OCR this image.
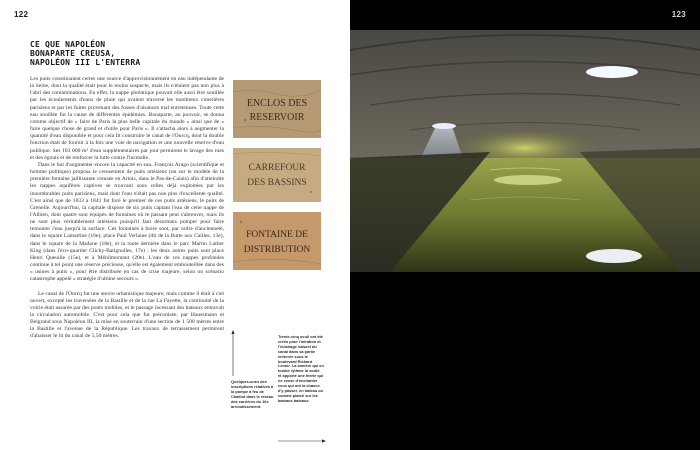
122
CE QUE NAPOLÉON
BONAPARTE CREUSA,
NAPOLÉON III L'ENTERRA

Les puits constituaient certes une source d'approvisionnement en eau indépendante de la Seine, dont la qualité était pour le moins suspecte, mais ils n'étaient pas non plus à l'abri des contaminations. En effet, la nappe phréatique pouvait elle aussi être souillée par les écoulements d'eaux de pluie qui avaient traversé les nombreux cimetières parisiens et par les fuites provenant des fosses d'aisances mal entretenues. Toute cette eau souillée fut la cause de différentes épidémies. Bonaparte, au pouvoir, se donna comme objectif de « faire de Paris la plus belle capitale du monde » ainsi que de « faire quelque chose de grand et d'utile pour Paris ». Il s'attacha alors à augmenter la quantité d'eau disponible et pour cela fit construire le canal de l'Ourcq, dont la double fonction était de fournir à la fois une voie de navigation et une nouvelle réserve d'eau publique. Ses 103 000 m³ d'eau supplémentaires par jour permirent le lavage des rues et des égouts et de renforcer la lutte contre l'incendie.

Dans le but d'augmenter encore la capacité en eau, François Arago (scientifique et homme politique) proposa le creusement de puits artésiens (un sur le modèle de la première fontaine jaillissante creusée en Artois, dans le Pas-de-Calais) afin d'atteindre les nappes aquifères captives se trouvant sous celles déjà exploitées par les innombrables puits parisiens, mais dont l'eau n'était pas non plus d'excellente qualité. C'est ainsi que de 1833 à 1841 fut foré le premier de ces puits artésiens, le puits de Grenelle. Aujourd'hui, la capitale dispose de six puits captant l'eau de cette nappe de l'Albien, dont quatre sont équipés de fontaines où le passant peut s'abreuver, mais ils ne sont plus véritablement artésiens puisqu'il faut désormais pomper pour faire remonter l'eau jusqu'à la surface. Ces fontaines à boire sont, par ordre d'ancienneté, dans le square Lamartine (16e), place Paul Verlaine (dit de la Butte aux Cailles, 13e), dans le square de la Madone (18e), et la toute dernière dans le parc Martin Luther King (dans l'éco-quartier Clichy-Batignolles, 17e) ; les deux autres puits sont place Henri Queuille (15e), et à Ménilmontant (20e). L'eau de ces nappes profondes continue à tel point une réserve précieuse, qu'elle est également embouteillée dans des « usines à puits », pour être distribuée en cas de crise majeure, selon un scénario catastrophe appelé « stratégie d'ultime secours ».

Le canal de l'Ourcq fut une œuvre urbanistique majeure, mais comme il était à ciel ouvert, excepté les traversées de la Bastille et de la rue La Fayette, la continuité de la voirie était assurée par des ponts mobiles, et le passage incessant des bateaux entravait la circulation automobile. C'est pour cela que fut préconisée, par Haussmann et Belgrand sous Napoléon III, la mise en souterrain d'une section de 1 500 mètres entre la Bastille et l'avenue de la République. Les travaux de terrassement permirent d'abaisser le lit du canal de 5,50 mètres.

ENCLOS DES
RESERVOIR
CARREFOUR
DES BASSINS
FONTAINE DE
DISTRIBUTION
Quelques-unes des inscriptions relatives à la pompe à feu de Chaillot dans le réseau des carrières du 16e arrondissement.
Trente-cinq oculi ont été créés pour l'aération et l'éclairage naturel du canal dans sa partie enterrée sous le boulevard Richard Lenoir. La lumière qui en tombe rythme la voûte et apporte une féerie qui ne cesse d'enchanter ceux qui ont la chance d'y passer, en bateau ou comme plaisir sur les bateaux bateaux.
123
